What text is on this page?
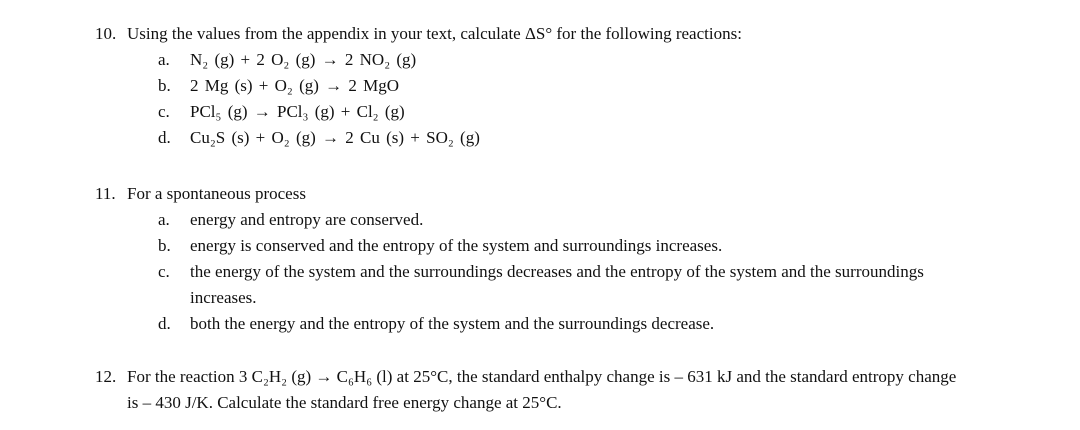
10. Using the values from the appendix in your text, calculate ΔS° for the following reactions:
a. N₂ (g) + 2 O₂ (g) → 2 NO₂ (g)
b. 2 Mg (s) + O₂ (g) → 2 MgO
c. PCl₅ (g) → PCl₃ (g) + Cl₂ (g)
d. Cu₂S (s) + O₂ (g) → 2 Cu (s) + SO₂ (g)
11. For a spontaneous process
a. energy and entropy are conserved.
b. energy is conserved and the entropy of the system and surroundings increases.
c. the energy of the system and the surroundings decreases and the entropy of the system and the surroundings increases.
d. both the energy and the entropy of the system and the surroundings decrease.
12. For the reaction 3 C₂H₂ (g) → C₆H₆ (l) at 25°C, the standard enthalpy change is – 631 kJ and the standard entropy change is – 430 J/K. Calculate the standard free energy change at 25°C.
